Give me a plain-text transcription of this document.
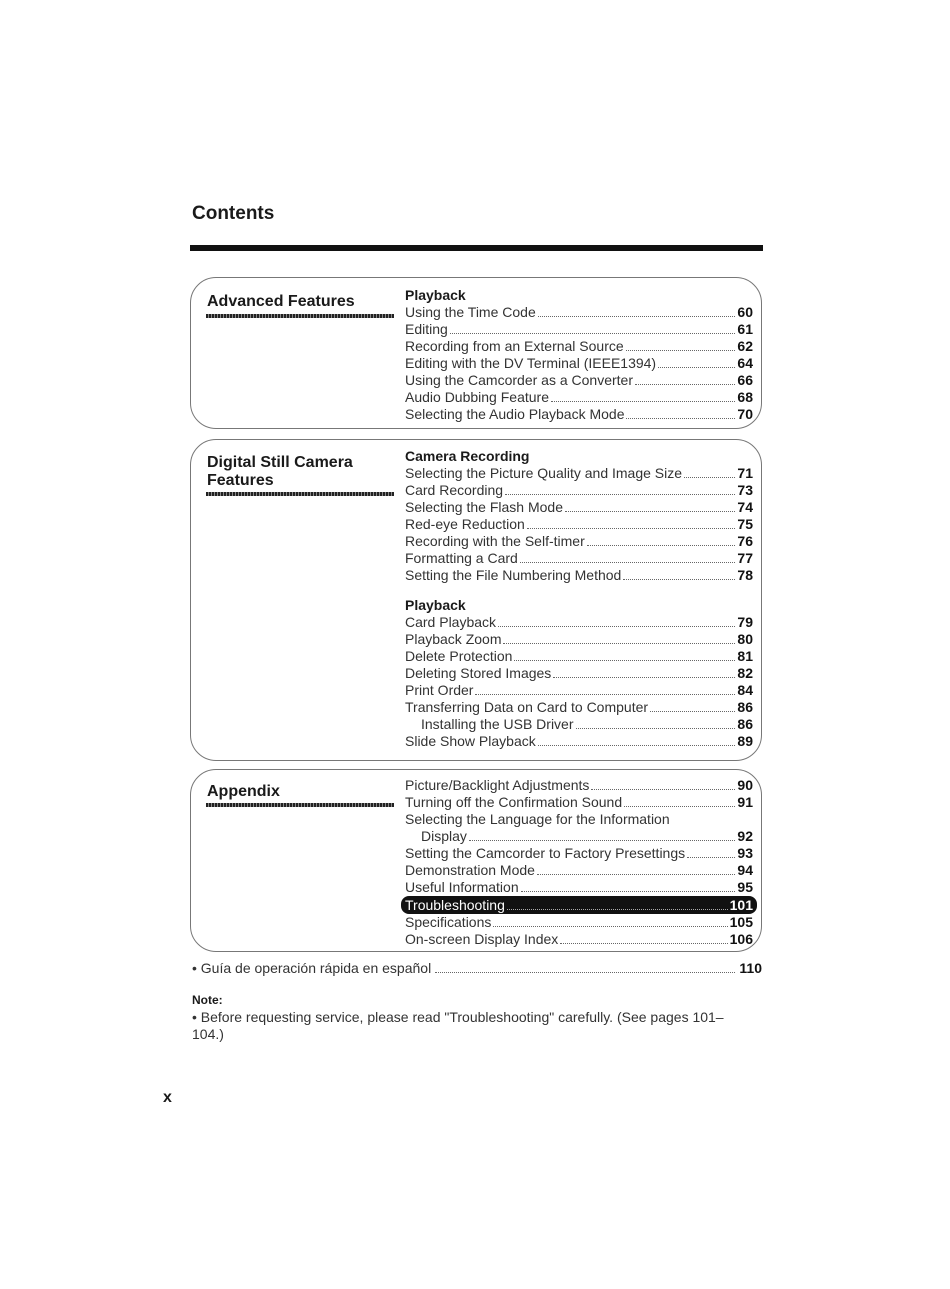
Contents
Advanced Features	Playback
Using the Time Code	60
Editing	61
Recording from an External Source	62
Editing with the DV Terminal (IEEE1394)	64
Using the Camcorder as a Converter	66
Audio Dubbing Feature	68
Selecting the Audio Playback Mode	70
Digital Still Camera Features
Camera Recording
Selecting the Picture Quality and Image Size	71
Card Recording	73
Selecting the Flash Mode	74
Red-eye Reduction	75
Recording with the Self-timer	76
Formatting a Card	77
Setting the File Numbering Method	78
Playback
Card Playback	79
Playback Zoom	80
Delete Protection	81
Deleting Stored Images	82
Print Order	84
Transferring Data on Card to Computer	86
Installing the USB Driver	86
Slide Show Playback	89
Appendix	Picture/Backlight Adjustments	90
Turning off the Confirmation Sound	91
Selecting the Language for the Information
Display	92
Setting the Camcorder to Factory Presettings	93
Demonstration Mode	94
Useful Information	95
Troubleshooting	101
Specifications	105
On-screen Display Index	106
• Guía de operación rápida en español	110
Note:
• Before requesting service, please read "Troubleshooting" carefully. (See pages 101–104.)
x
